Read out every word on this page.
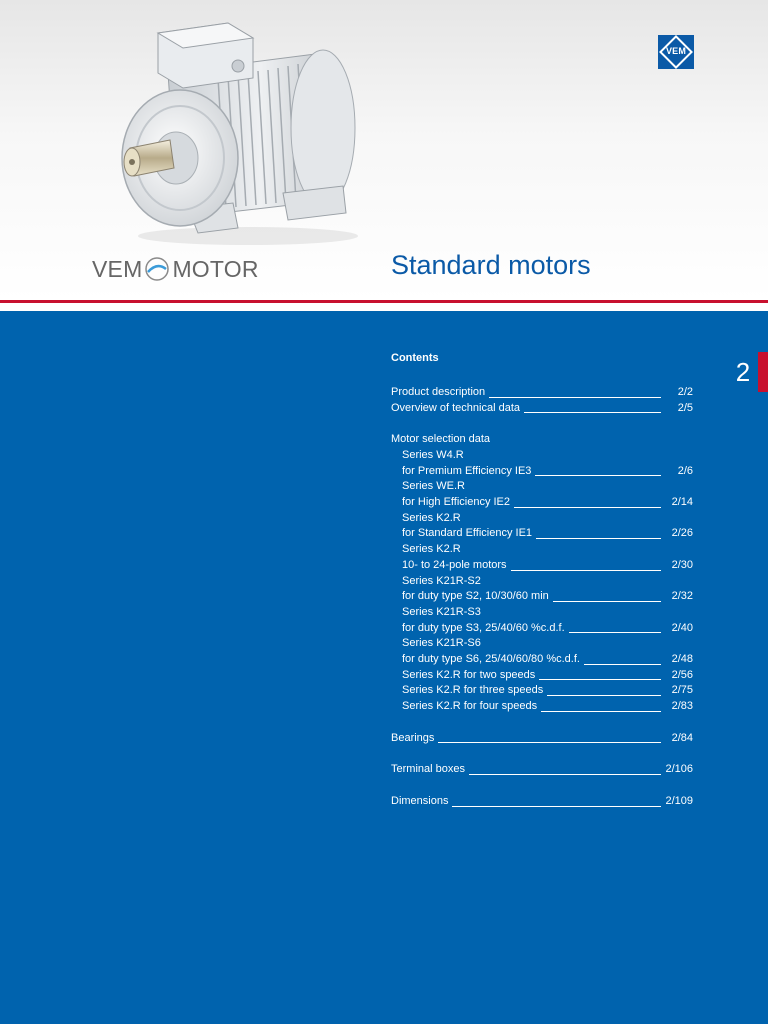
VEM
VEM MOTOR	Standard motors
2
Contents
Product description	2/2
Overview of technical data	2/5
Motor selection data
Series W4.R
for Premium Efficiency IE3	2/6
Series WE.R
for High Efficiency IE2	2/14
Series K2.R
for Standard Efficiency IE1	2/26
Series K2.R
10- to 24-pole motors	2/30
Series K21R-S2
for duty type S2, 10/30/60 min	2/32
Series K21R-S3
for duty type S3, 25/40/60 %c.d.f.	2/40
Series K21R-S6
for duty type S6, 25/40/60/80 %c.d.f.	2/48
Series K2.R for two speeds	2/56
Series K2.R for three speeds	2/75
Series K2.R for four speeds	2/83
Bearings	2/84
Terminal boxes	2/106
Dimensions	2/109
